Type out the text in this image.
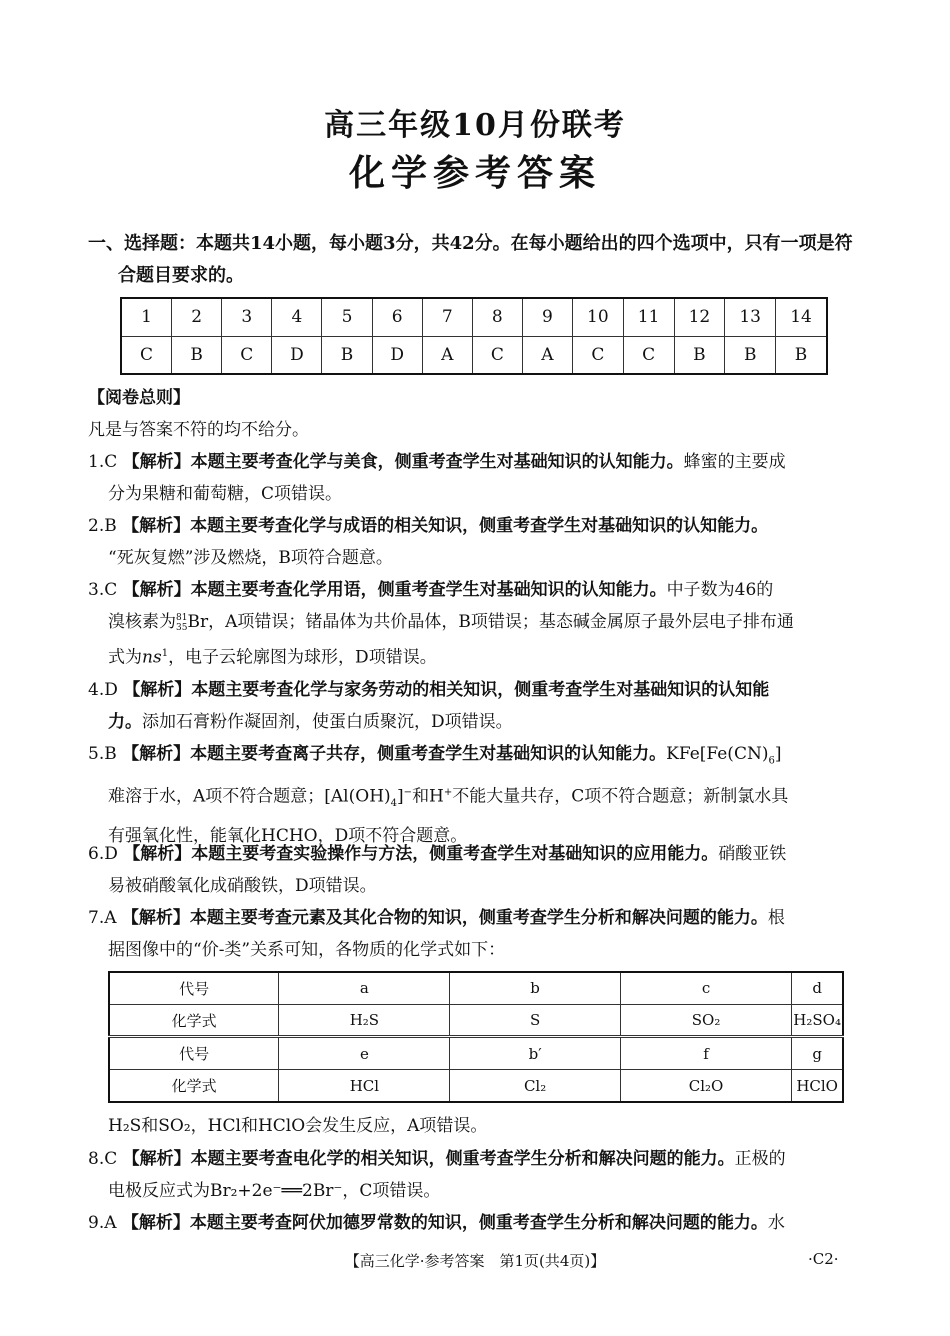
高三年级10月份联考
化学参考答案
一、选择题：本题共14小题，每小题3分，共42分。在每小题给出的四个选项中，只有一项是符
合题目要求的。
1	2	3	4	5	6	7	8	9	10	11	12	13	14
C	B	C	D	B	D	A	C	A	C	C	B	B	B
【阅卷总则】
凡是与答案不符的均不给分。
1.C 【解析】本题主要考查化学与美食，侧重考查学生对基础知识的认知能力。蜂蜜的主要成
分为果糖和葡萄糖，C项错误。
2.B 【解析】本题主要考查化学与成语的相关知识，侧重考查学生对基础知识的认知能力。
“死灰复燃”涉及燃烧，B项符合题意。
3.C 【解析】本题主要考查化学用语，侧重考查学生对基础知识的认知能力。中子数为46的
溴核素为 81
35 Br，A项错误；锗晶体为共价晶体，B项错误；基态碱金属原子最外层电子排布通
式为$ns^1$，电子云轮廓图为球形，D项错误。
4.D 【解析】本题主要考查化学与家务劳动的相关知识，侧重考查学生对基础知识的认知能
力。添加石膏粉作凝固剂，使蛋白质聚沉，D项错误。
5.B 【解析】本题主要考查离子共存，侧重考查学生对基础知识的认知能力。$KFe[Fe(CN)_6]$
难溶于水，A项不符合题意；$[Al(OH)_4]^-$和H+不能大量共存，C项不符合题意；新制氯水具
有强氧化性，能氧化HCHO，D项不符合题意。
6.D 【解析】本题主要考查实验操作与方法，侧重考查学生对基础知识的应用能力。硝酸亚铁
易被硝酸氧化成硝酸铁，D项错误。
7.A 【解析】本题主要考查元素及其化合物的知识，侧重考查学生分析和解决问题的能力。根
据图像中的“价-类”关系可知，各物质的化学式如下：
代号	a	b	c	d
化学式	H₂S	S	SO₂	H₂SO₄
代号	e	b′	f	g
化学式	HCl	Cl₂	Cl₂O	HClO
H₂S和SO₂，HCl和HClO会发生反应，A项错误。
8.C 【解析】本题主要考查电化学的相关知识，侧重考查学生分析和解决问题的能力。正极的
电极反应式为Br₂+2e⁻══2Br⁻，C项错误。
9.A 【解析】本题主要考查阿伏加德罗常数的知识，侧重考查学生分析和解决问题的能力。水
【高三化学·参考答案　第1页(共4页)】	·C2·
